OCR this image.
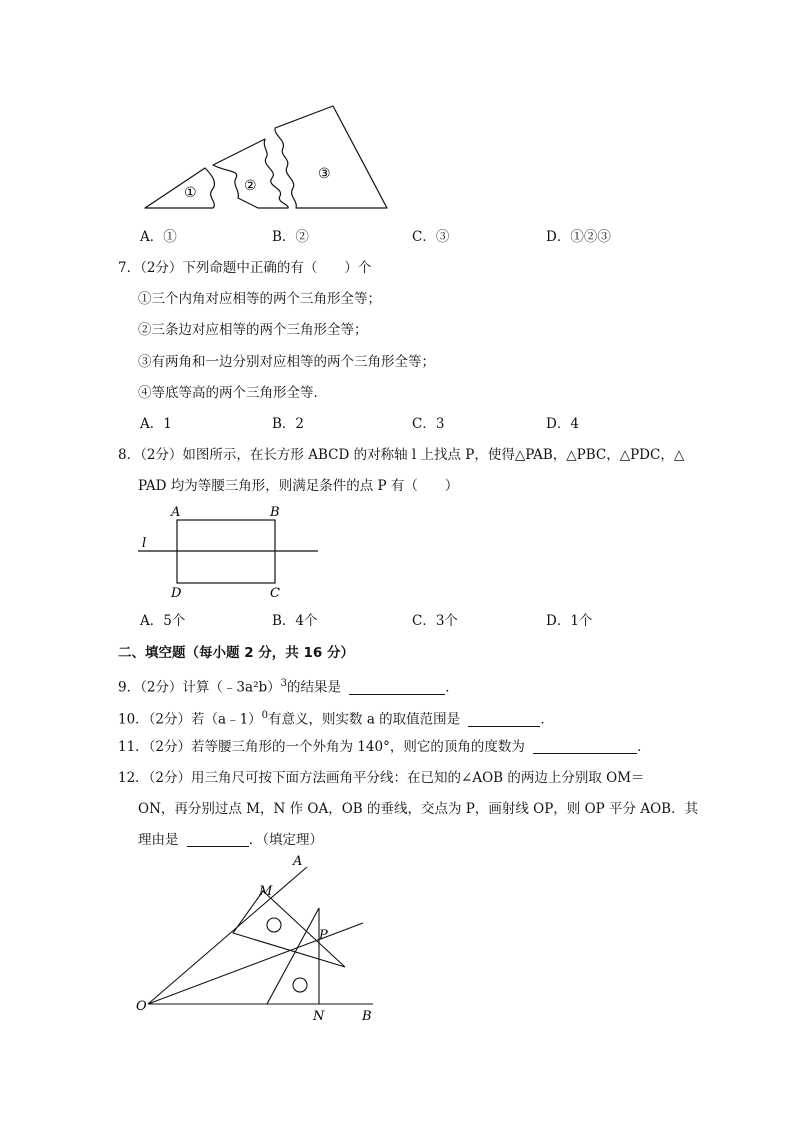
①	②
③
A．①	B．②	C．③	D．①②③
7．（2分）下列命题中正确的有（　　）个
①三个内角对应相等的两个三角形全等；
②三条边对应相等的两个三角形全等；
③有两角和一边分别对应相等的两个三角形全等；
④等底等高的两个三角形全等．
A．1	B．2	C．3	D．4
8．（2分）如图所示，在长方形 ABCD 的对称轴 l 上找点 P，使得△PAB，△PBC，△PDC，△
PAD 均为等腰三角形，则满足条件的点 P 有（　　）
A	B
l
D	C
A．5个	B．4个	C．3个	D．1个
二、填空题（每小题 2 分，共 16 分）
9．（2分）计算（﹣3a²b）$^3$的结果是	．
10．（2分）若（a﹣1）$^0$有意义，则实数 a 的取值范围是	．
11．（2分）若等腰三角形的一个外角为 140°，则它的顶角的度数为	．
12．（2分）用三角尺可按下面方法画角平分线：在已知的∠AOB 的两边上分别取 OM＝
ON，再分别过点 M，N 作 OA，OB 的垂线，交点为 P，画射线 OP，则 OP 平分 AOB．其
理由是	．（填定理）
A
M
P
O
N	B
